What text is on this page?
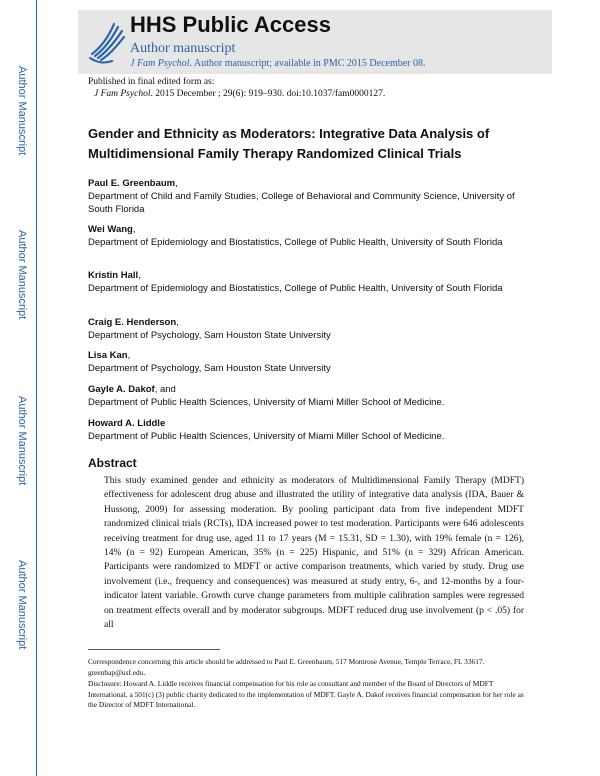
Author Manuscript
Author Manuscript
Author Manuscript
Author Manuscript
HHS Public Access
Author manuscript
J Fam Psychol. Author manuscript; available in PMC 2015 December 08.
Published in final edited form as:
J Fam Psychol. 2015 December ; 29(6): 919–930. doi:10.1037/fam0000127.
Gender and Ethnicity as Moderators: Integrative Data Analysis of Multidimensional Family Therapy Randomized Clinical Trials
Paul E. Greenbaum,
Department of Child and Family Studies, College of Behavioral and Community Science, University of South Florida
Wei Wang,
Department of Epidemiology and Biostatistics, College of Public Health, University of South Florida
Kristin Hall,
Department of Epidemiology and Biostatistics, College of Public Health, University of South Florida
Craig E. Henderson,
Department of Psychology, Sam Houston State University
Lisa Kan,
Department of Psychology, Sam Houston State University
Gayle A. Dakof, and
Department of Public Health Sciences, University of Miami Miller School of Medicine.
Howard A. Liddle
Department of Public Health Sciences, University of Miami Miller School of Medicine.
Abstract
This study examined gender and ethnicity as moderators of Multidimensional Family Therapy (MDFT) effectiveness for adolescent drug abuse and illustrated the utility of integrative data analysis (IDA, Bauer & Hussong, 2009) for assessing moderation. By pooling participant data from five independent MDFT randomized clinical trials (RCTs), IDA increased power to test moderation. Participants were 646 adolescents receiving treatment for drug use, aged 11 to 17 years (M = 15.31, SD = 1.30), with 19% female (n = 126), 14% (n = 92) European American, 35% (n = 225) Hispanic, and 51% (n = 329) African American. Participants were randomized to MDFT or active comparison treatments, which varied by study. Drug use involvement (i.e., frequency and consequences) was measured at study entry, 6-, and 12-months by a four-indicator latent variable. Growth curve change parameters from multiple calibration samples were regressed on treatment effects overall and by moderator subgroups. MDFT reduced drug use involvement (p < .05) for all
Correspondence concerning this article should be addressed to Paul E. Greenbaum, 517 Montrose Avenue, Temple Terrace, FL 33617. greenbap@usf.edu.
Disclosure: Howard A. Liddle receives financial compensation for his role as consultant and member of the Board of Directors of MDFT International, a 501(c) (3) public charity dedicated to the implementation of MDFT. Gayle A. Dakof receives financial compensation for her role as the Director of MDFT International.
